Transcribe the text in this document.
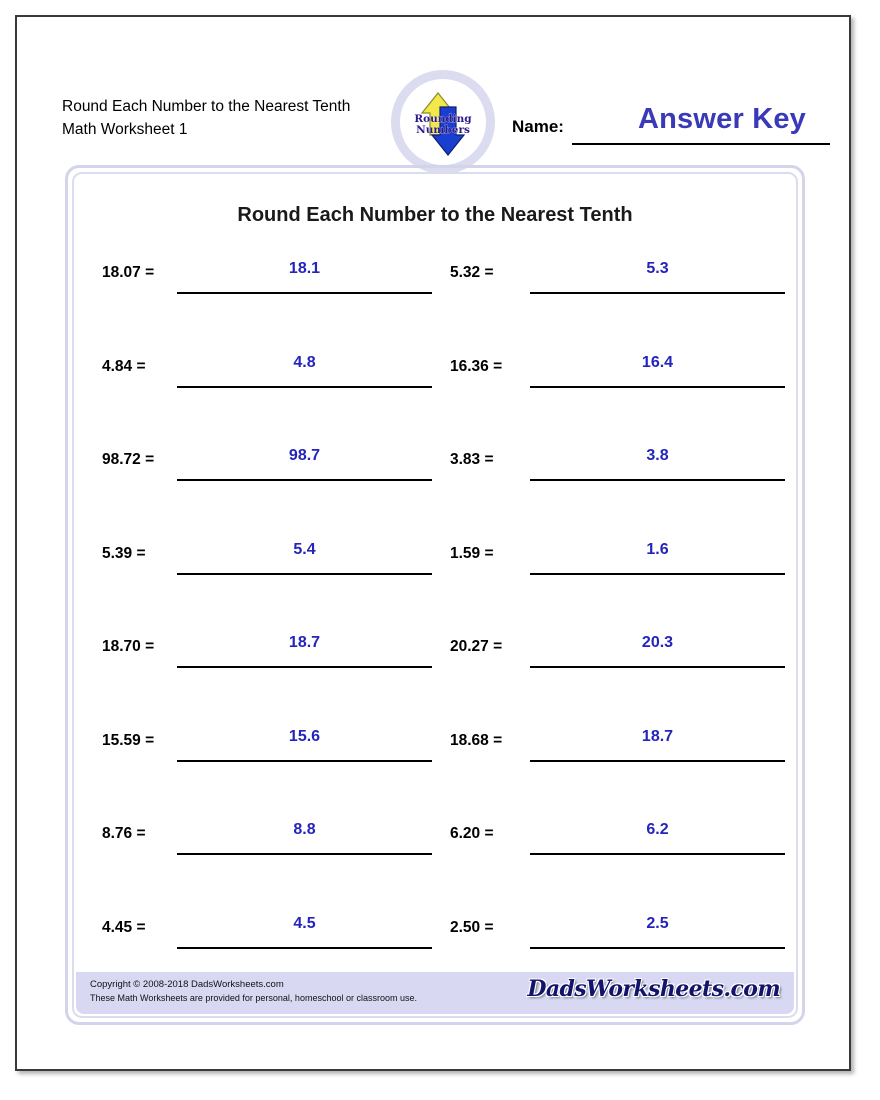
Round Each Number to the Nearest Tenth
Math Worksheet 1
Rounding
Numbers Name:	Answer Key
Round Each Number to the Nearest Tenth
18.07 =	18.1	5.32 =	5.3
4.84 =	4.8	16.36 =	16.4
98.72 =	98.7	3.83 =	3.8
5.39 =	5.4	1.59 =	1.6
18.70 =	18.7	20.27 =	20.3
15.59 =	15.6	18.68 =	18.7
8.76 =	8.8	6.20 =	6.2
4.45 =	4.5	2.50 =	2.5
Copyright © 2008-2018 DadsWorksheets.com
These Math Worksheets are provided for personal, homeschool or classroom use.	DadsWorksheets.com
